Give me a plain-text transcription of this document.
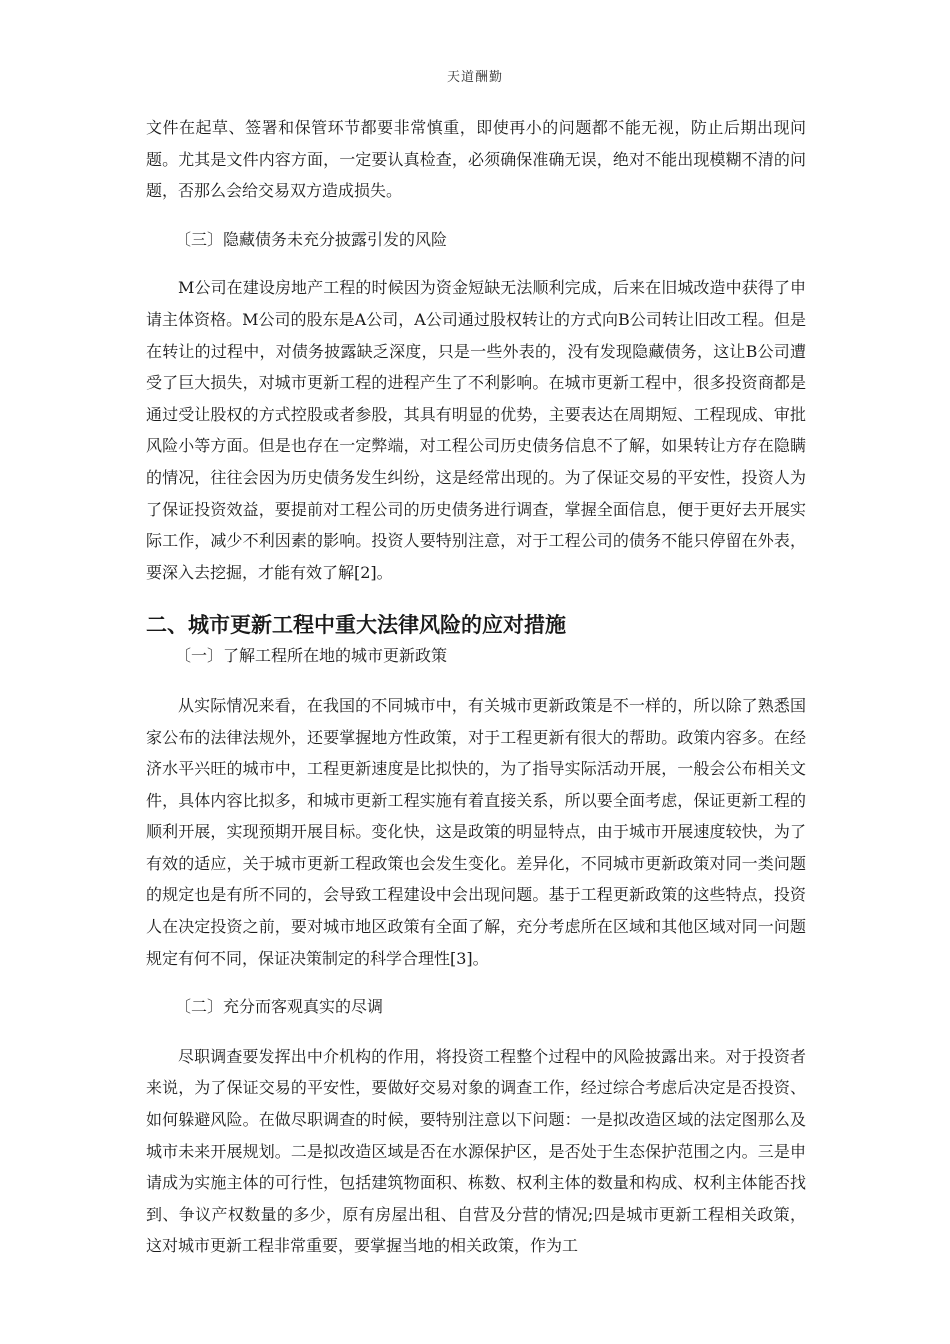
天道酬勤

文件在起草、签署和保管环节都要非常慎重，即使再小的问题都不能无视，防止后期出现问题。尤其是文件内容方面，一定要认真检查，必须确保准确无误，绝对不能出现模糊不清的问题，否那么会给交易双方造成损失。

〔三〕隐藏债务未充分披露引发的风险

M公司在建设房地产工程的时候因为资金短缺无法顺利完成，后来在旧城改造中获得了申请主体资格。M公司的股东是A公司，A公司通过股权转让的方式向B公司转让旧改工程。但是在转让的过程中，对债务披露缺乏深度，只是一些外表的，没有发现隐藏债务，这让B公司遭受了巨大损失，对城市更新工程的进程产生了不利影响。在城市更新工程中，很多投资商都是通过受让股权的方式控股或者参股，其具有明显的优势，主要表达在周期短、工程现成、审批风险小等方面。但是也存在一定弊端，对工程公司历史债务信息不了解，如果转让方存在隐瞒的情况，往往会因为历史债务发生纠纷，这是经常出现的。为了保证交易的平安性，投资人为了保证投资效益，要提前对工程公司的历史债务进行调查，掌握全面信息，便于更好去开展实际工作，减少不利因素的影响。投资人要特别注意，对于工程公司的债务不能只停留在外表，要深入去挖掘，才能有效了解[2]。

二、城市更新工程中重大法律风险的应对措施

〔一〕了解工程所在地的城市更新政策

从实际情况来看，在我国的不同城市中，有关城市更新政策是不一样的，所以除了熟悉国家公布的法律法规外，还要掌握地方性政策，对于工程更新有很大的帮助。政策内容多。在经济水平兴旺的城市中，工程更新速度是比拟快的，为了指导实际活动开展，一般会公布相关文件，具体内容比拟多，和城市更新工程实施有着直接关系，所以要全面考虑，保证更新工程的顺利开展，实现预期开展目标。变化快，这是政策的明显特点，由于城市开展速度较快，为了有效的适应，关于城市更新工程政策也会发生变化。差异化，不同城市更新政策对同一类问题的规定也是有所不同的，会导致工程建设中会出现问题。基于工程更新政策的这些特点，投资人在决定投资之前，要对城市地区政策有全面了解，充分考虑所在区域和其他区域对同一问题规定有何不同，保证决策制定的科学合理性[3]。

〔二〕充分而客观真实的尽调

尽职调查要发挥出中介机构的作用，将投资工程整个过程中的风险披露出来。对于投资者来说，为了保证交易的平安性，要做好交易对象的调查工作，经过综合考虑后决定是否投资、如何躲避风险。在做尽职调查的时候，要特别注意以下问题：一是拟改造区域的法定图那么及城市未来开展规划。二是拟改造区域是否在水源保护区，是否处于生态保护范围之内。三是申请成为实施主体的可行性，包括建筑物面积、栋数、权利主体的数量和构成、权利主体能否找到、争议产权数量的多少，原有房屋出租、自营及分营的情况;四是城市更新工程相关政策，这对城市更新工程非常重要，要掌握当地的相关政策，作为工
